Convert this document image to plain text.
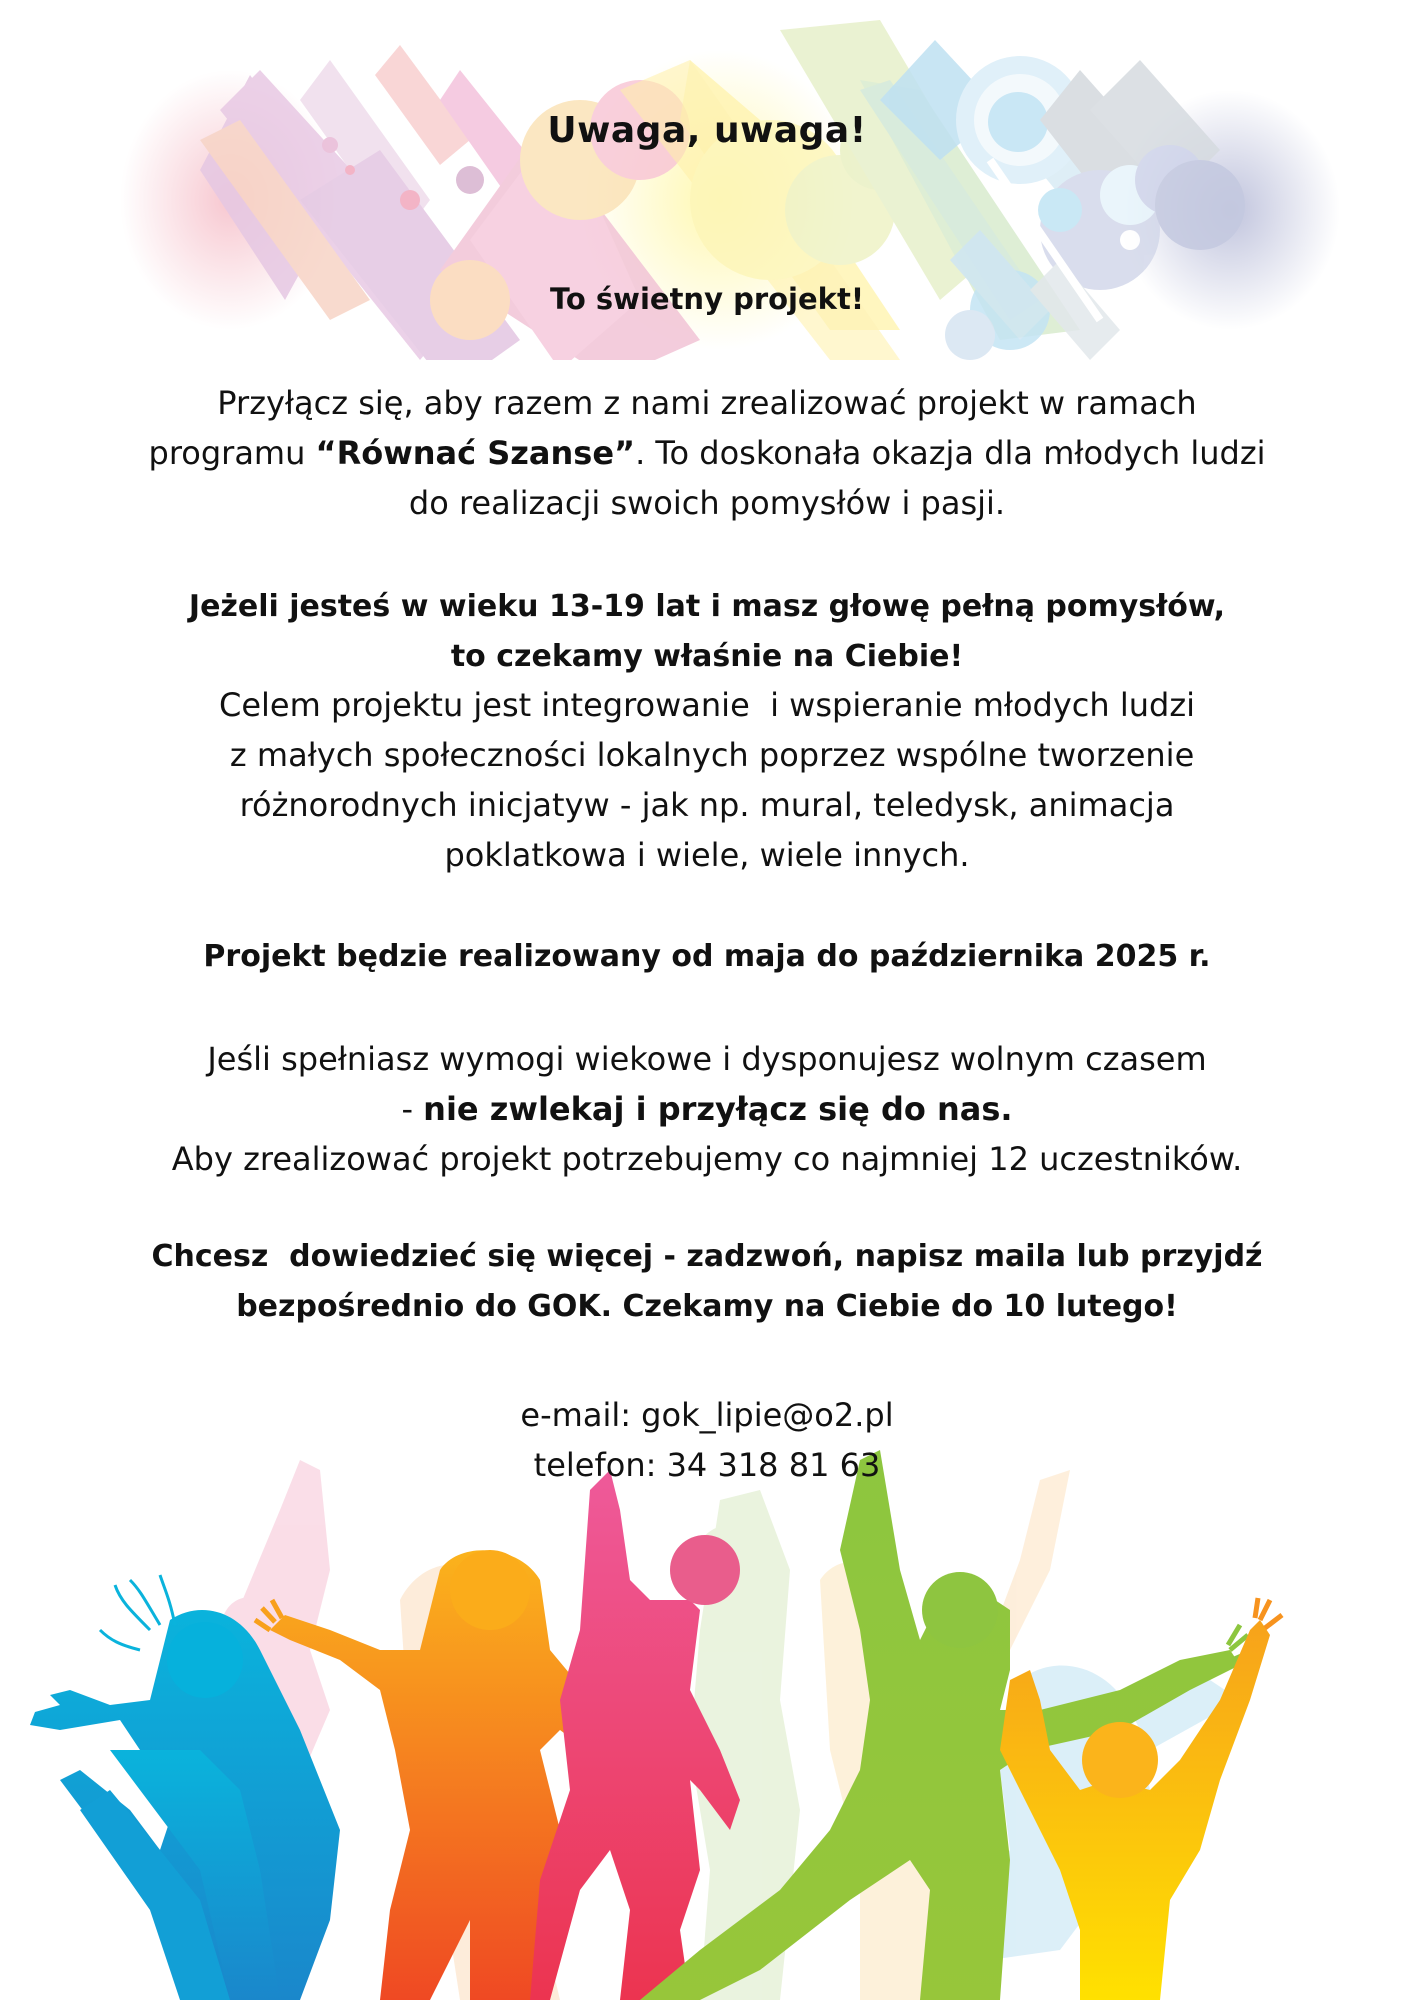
Uwaga, uwaga!
To świetny projekt!
Przyłącz się, aby razem z nami zrealizować projekt w ramach
programu “Równać Szanse”. To doskonała okazja dla młodych ludzi
do realizacji swoich pomysłów i pasji.
Jeżeli jesteś w wieku 13-19 lat i masz głowę pełną pomysłów,
to czekamy właśnie na Ciebie!
Celem projektu jest integrowanie  i wspieranie młodych ludzi
z małych społeczności lokalnych poprzez wspólne tworzenie
różnorodnych inicjatyw - jak np. mural, teledysk, animacja
poklatkowa i wiele, wiele innych.
Projekt będzie realizowany od maja do października 2025 r.
Jeśli spełniasz wymogi wiekowe i dysponujesz wolnym czasem
- nie zwlekaj i przyłącz się do nas.
Aby zrealizować projekt potrzebujemy co najmniej 12 uczestników.
Chcesz  dowiedzieć się więcej - zadzwoń, napisz maila lub przyjdź
bezpośrednio do GOK. Czekamy na Ciebie do 10 lutego!
e-mail: gok_lipie@o2.pl
telefon: 34 318 81 63
